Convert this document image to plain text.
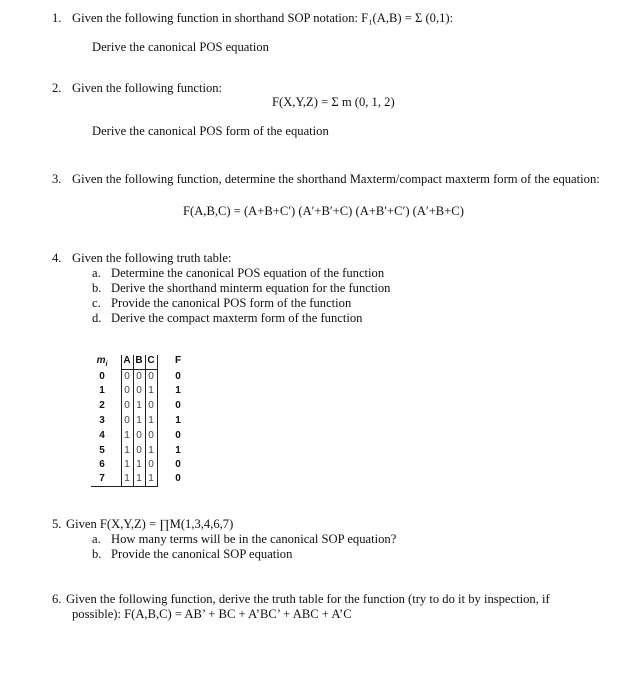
1. Given the following function in shorthand SOP notation: F₁(A,B) = Σ (0,1):
Derive the canonical POS equation
2. Given the following function:
F(X,Y,Z) = Σ m (0, 1, 2)
Derive the canonical POS form of the equation
3. Given the following function, determine the shorthand Maxterm/compact maxterm form of the equation:
F(A,B,C) = (A+B+C′) (A′+B′+C) (A+B′+C′) (A′+B+C)
4. Given the following truth table:
a. Determine the canonical POS equation of the function
b. Derive the shorthand minterm equation for the function
c. Provide the canonical POS form of the function
d. Derive the compact maxterm form of the function
$m_i$	A B C	F
0	0 0 0	0
1	0 0 1	1
2	0 1 0	0
3	0 1 1	1
4	1 0 0	0
5	1 0 1	1
6	1 1 0	0
7	1 1 1	0
5. Given F(X,Y,Z) = ∏M(1,3,4,6,7)
a. How many terms will be in the canonical SOP equation?
b. Provide the canonical SOP equation
6. Given the following function, derive the truth table for the function (try to do it by inspection, if
possible): F(A,B,C) = AB’ + BC + A’BC’ + ABC + A’C
